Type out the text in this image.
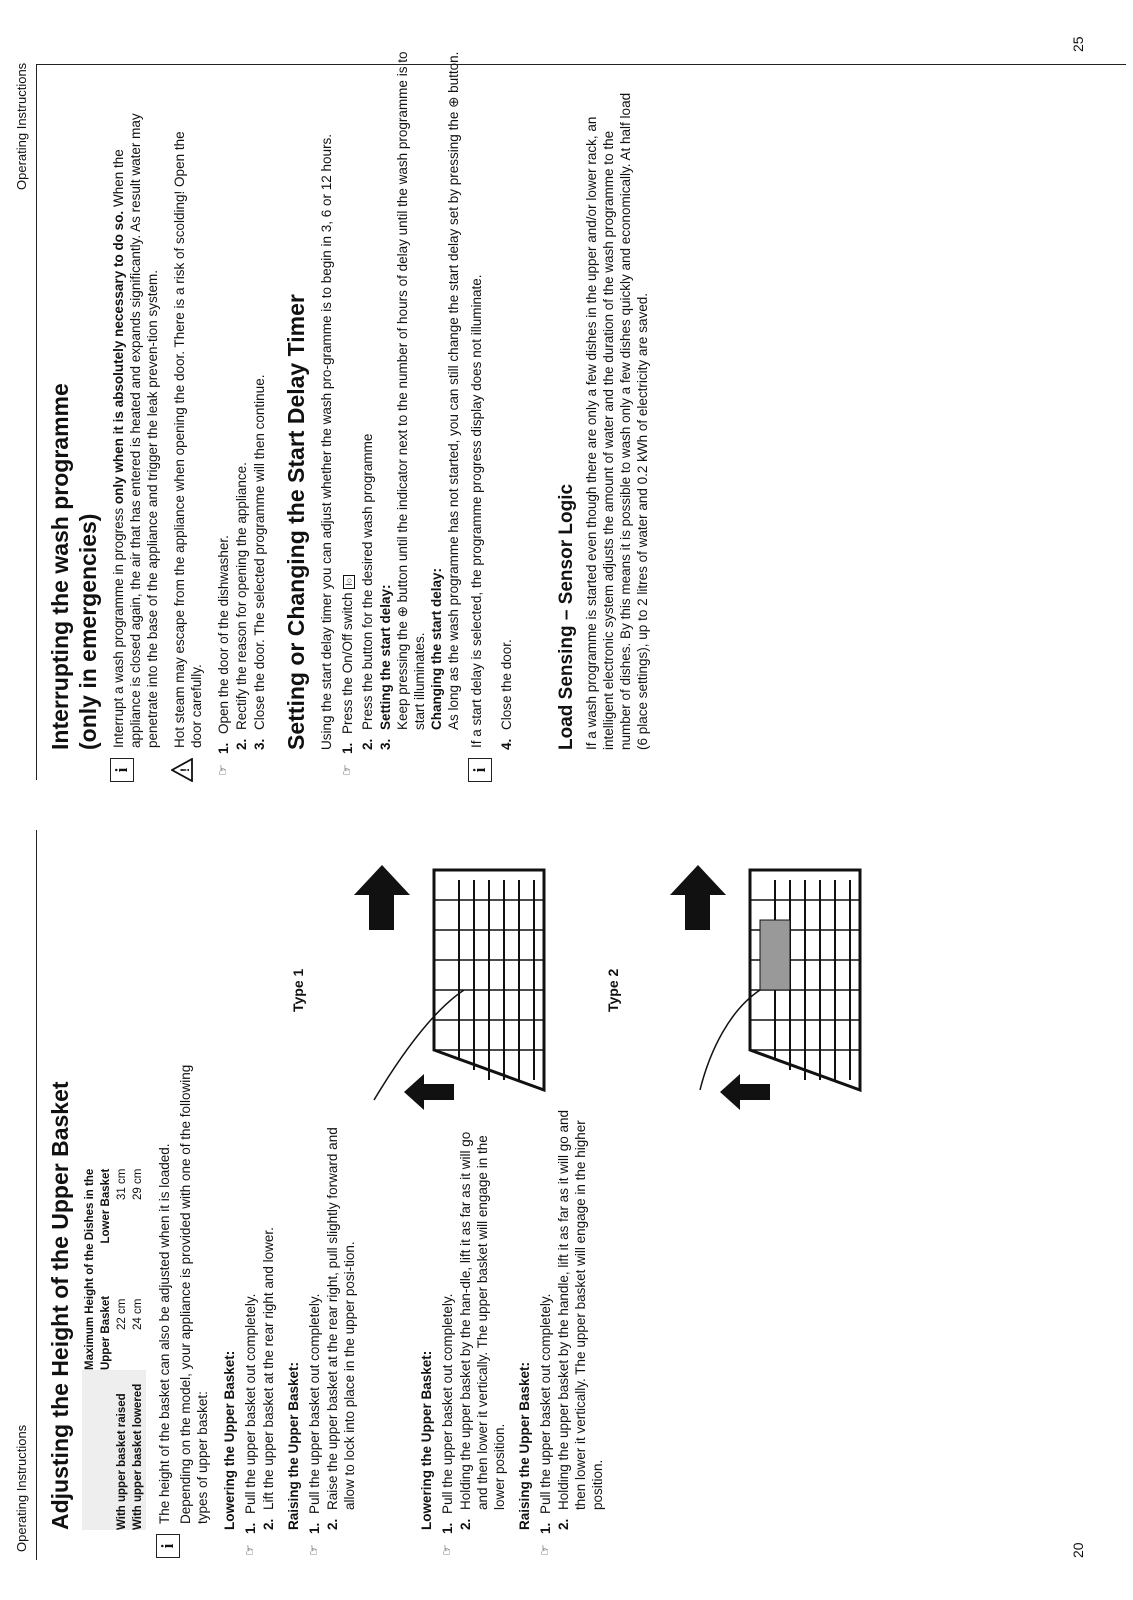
Operating Instructions
Operating Instructions
20
25
Adjusting the Height of the Upper Basket
	Maximum Height of the Dishes in the	
	Upper Basket	Lower Basket
With upper basket raised	22 cm	31 cm
With upper basket lowered	24 cm	29 cm
i

The height of the basket can also be adjusted when it is loaded. Depending on the model, your appliance is provided with one of the following types of upper basket: Lowering the Upper Basket:

☞
1.
Pull the upper basket out completely.
2.
Lift the upper basket at the rear right and lower. Raising the Upper Basket:

☞
1.
Pull the upper basket out completely.
2.
Raise the upper basket at the rear right, pull slightly forward and allow to lock into place in the upper posi-tion.	Lowering the Upper Basket:

☞
1.
Pull the upper basket out completely.
2.
Holding the upper basket by the han-dle, lift it as far as it will go and then lower it vertically. The upper basket will engage in the lower position. Raising the Upper Basket:

☞
1.
Pull the upper basket out completely.
2.
Holding the upper basket by the handle, lift it as far as it will go and then lower it vertically. The upper basket will engage in the higher position.
Type 1	Type 2
Interrupting the wash programme
(only in emergencies)
i

Interrupt a wash programme in progress only when it is absolutely necessary to do so. When the appliance is closed again, the air that has entered is heated and expands significantly. As result water may penetrate into the base of the appliance and trigger the leak preven-tion system.

!

Hot steam may escape from the appliance when opening the door. There is a risk of scolding! Open the door carefully.

☞
1.
Open the door of the dishwasher.
2.
Rectify the reason for opening the appliance.
3.
Close the door. The selected programme will then continue. Setting or Changing the Start Delay Timer Using the start delay timer you can adjust whether the wash pro-gramme is to begin in 3, 6 or 12 hours.

☞
1.
Press the On/Off switch I○
2.
Press the button for the desired wash programme
3.
Setting the start delay: Keep pressing the ⊕ button until the indicator next to the number of hours of delay until the wash programme is to start illuminates. Changing the start delay: As long as the wash programme has not started, you can still change the start delay set by pressing the ⊕ button.
i

If a start delay is selected, the programme progress display does not illuminate. 4.
Close the door. Load Sensing – Sensor Logic If a wash programme is started even though there are only a few dishes in the upper and/or lower rack, an intelligent electronic system adjusts the amount of water and the duration of the wash programme to the number of dishes. By this means it is possible to wash only a few dishes quickly and economically. At half load (6 place settings), up to 2 litres of water and 0.2 kWh of electricity are saved.
